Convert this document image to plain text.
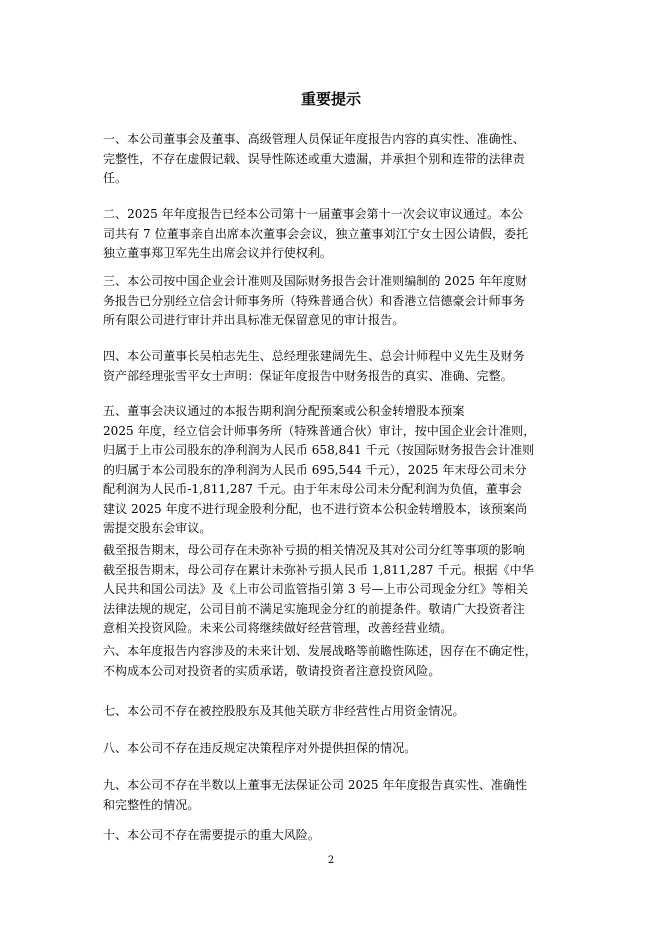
重要提示
一、本公司董事会及董事、高级管理人员保证年度报告内容的真实性、准确性、
完整性，不存在虚假记载、误导性陈述或重大遗漏，并承担个别和连带的法律责
任。
二、2025 年年度报告已经本公司第十一届董事会第十一次会议审议通过。本公
司共有 7 位董事亲自出席本次董事会会议，独立董事刘江宁女士因公请假，委托
独立董事郑卫军先生出席会议并行使权利。
三、本公司按中国企业会计准则及国际财务报告会计准则编制的 2025 年年度财
务报告已分别经立信会计师事务所（特殊普通合伙）和香港立信德豪会计师事务
所有限公司进行审计并出具标准无保留意见的审计报告。
四、本公司董事长吴柏志先生、总经理张建阔先生、总会计师程中义先生及财务
资产部经理张雪平女士声明：保证年度报告中财务报告的真实、准确、完整。
五、董事会决议通过的本报告期利润分配预案或公积金转增股本预案
2025 年度，经立信会计师事务所（特殊普通合伙）审计，按中国企业会计准则，
归属于上市公司股东的净利润为人民币 658,841 千元（按国际财务报告会计准则
的归属于本公司股东的净利润为人民币 695,544 千元），2025 年末母公司未分
配利润为人民币-1,811,287 千元。由于年末母公司未分配利润为负值，董事会
建议 2025 年度不进行现金股利分配，也不进行资本公积金转增股本，该预案尚
需提交股东会审议。
截至报告期末，母公司存在未弥补亏损的相关情况及其对公司分红等事项的影响
截至报告期末，母公司存在累计未弥补亏损人民币 1,811,287 千元。根据《中华
人民共和国公司法》及《上市公司监管指引第 3 号—上市公司现金分红》等相关
法律法规的规定，公司目前不满足实施现金分红的前提条件。敬请广大投资者注
意相关投资风险。未来公司将继续做好经营管理，改善经营业绩。
六、本年度报告内容涉及的未来计划、发展战略等前瞻性陈述，因存在不确定性，
不构成本公司对投资者的实质承诺，敬请投资者注意投资风险。
七、本公司不存在被控股股东及其他关联方非经营性占用资金情况。
八、本公司不存在违反规定决策程序对外提供担保的情况。
九、本公司不存在半数以上董事无法保证公司 2025 年年度报告真实性、准确性
和完整性的情况。
十、本公司不存在需要提示的重大风险。
2
